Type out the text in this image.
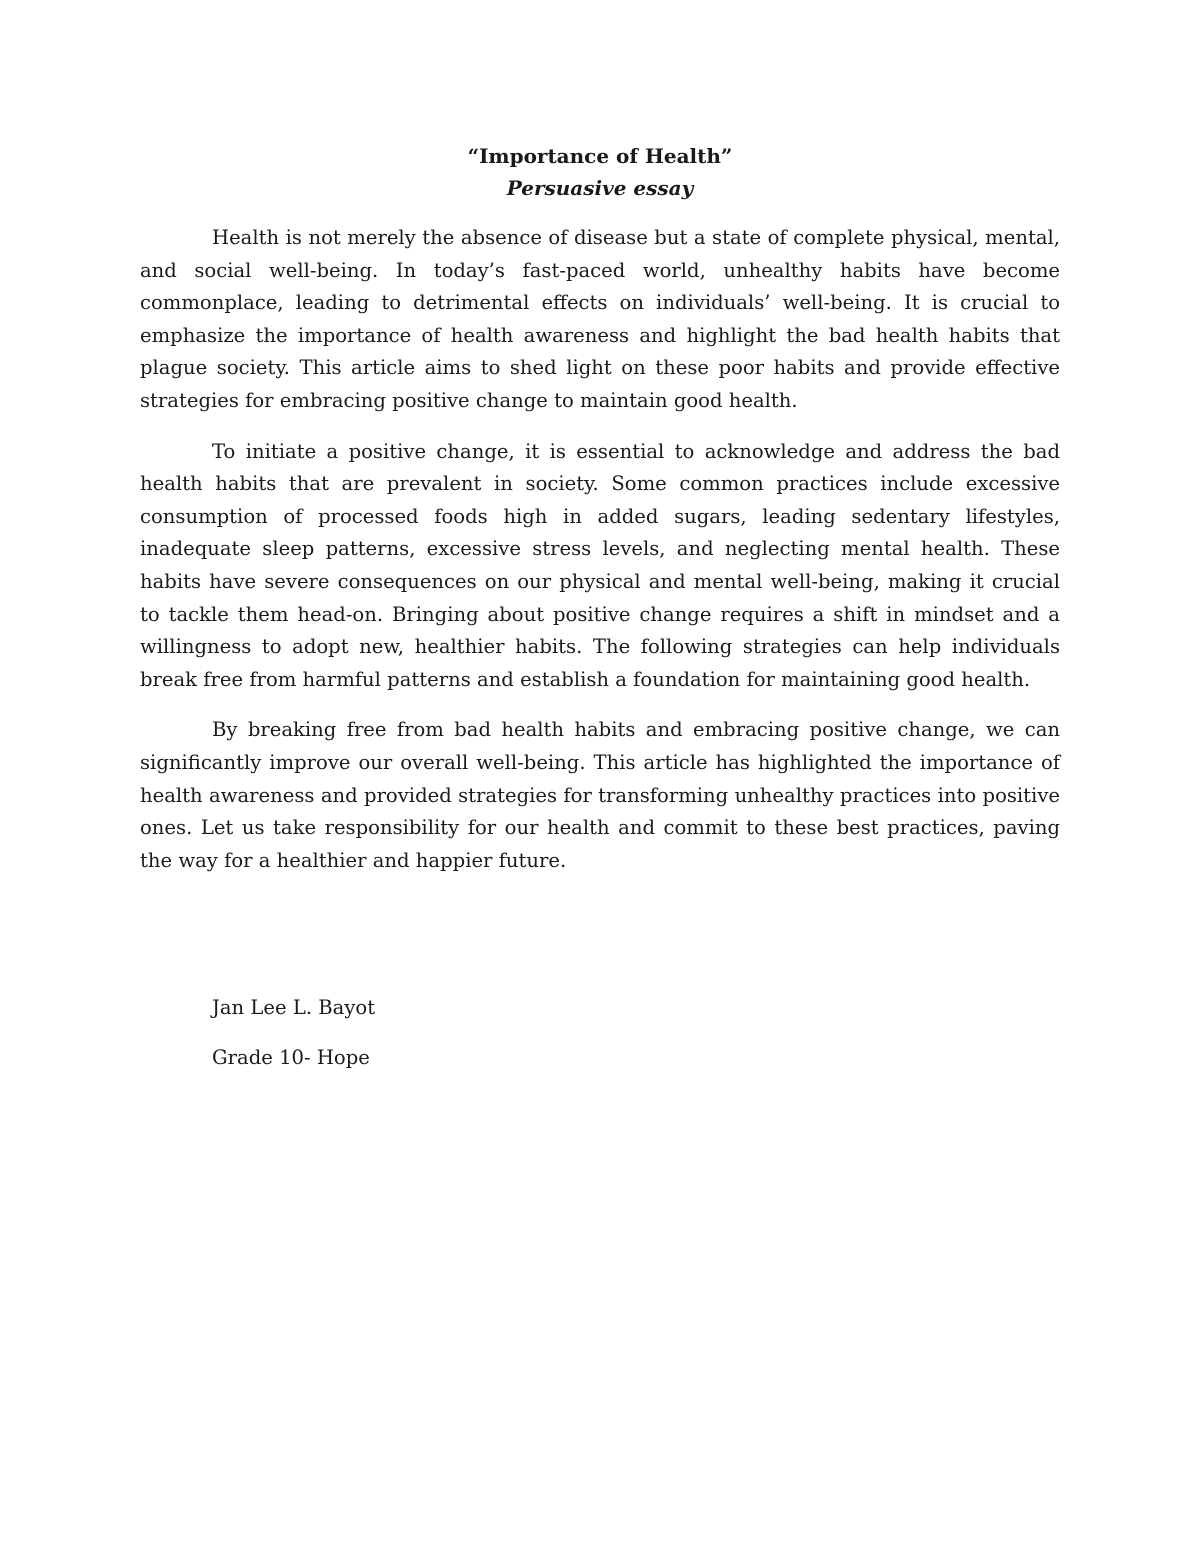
“Importance of Health”

Persuasive essay

Health is not merely the absence of disease but a state of complete physical, mental, and social well-being. In today’s fast-paced world, unhealthy habits have become commonplace, leading to detrimental effects on individuals’ well-being. It is crucial to emphasize the importance of health awareness and highlight the bad health habits that plague society. This article aims to shed light on these poor habits and provide effective strategies for embracing positive change to maintain good health.

To initiate a positive change, it is essential to acknowledge and address the bad health habits that are prevalent in society. Some common practices include excessive consumption of processed foods high in added sugars, leading sedentary lifestyles, inadequate sleep patterns, excessive stress levels, and neglecting mental health. These habits have severe consequences on our physical and mental well-being, making it crucial to tackle them head-on. Bringing about positive change requires a shift in mindset and a willingness to adopt new, healthier habits. The following strategies can help individuals break free from harmful patterns and establish a foundation for maintaining good health.

By breaking free from bad health habits and embracing positive change, we can significantly improve our overall well-being. This article has highlighted the importance of health awareness and provided strategies for transforming unhealthy practices into positive ones. Let us take responsibility for our health and commit to these best practices, paving the way for a healthier and happier future.

Jan Lee L. Bayot

Grade 10- Hope
